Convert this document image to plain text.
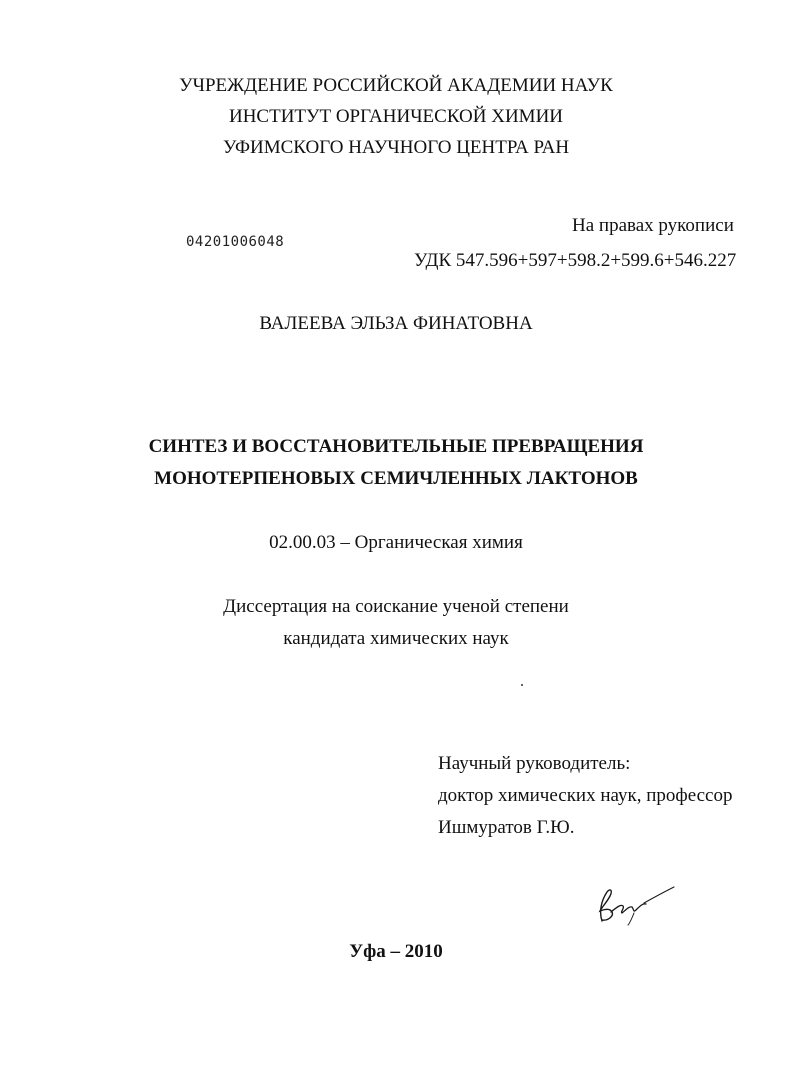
УЧРЕЖДЕНИЕ РОССИЙСКОЙ АКАДЕМИИ НАУК
ИНСТИТУТ ОРГАНИЧЕСКОЙ ХИМИИ
УФИМСКОГО НАУЧНОГО ЦЕНТРА РАН
На правах рукописи
04201006048
УДК 547.596+597+598.2+599.6+546.227
ВАЛЕЕВА ЭЛЬЗА ФИНАТОВНА
СИНТЕЗ И ВОССТАНОВИТЕЛЬНЫЕ ПРЕВРАЩЕНИЯ
МОНОТЕРПЕНОВЫХ СЕМИЧЛЕННЫХ ЛАКТОНОВ
02.00.03 – Органическая химия
Диссертация на соискание ученой степени
кандидата химических наук
Научный руководитель:
доктор химических наук, профессор
Ишмуратов Г.Ю.
Уфа – 2010
